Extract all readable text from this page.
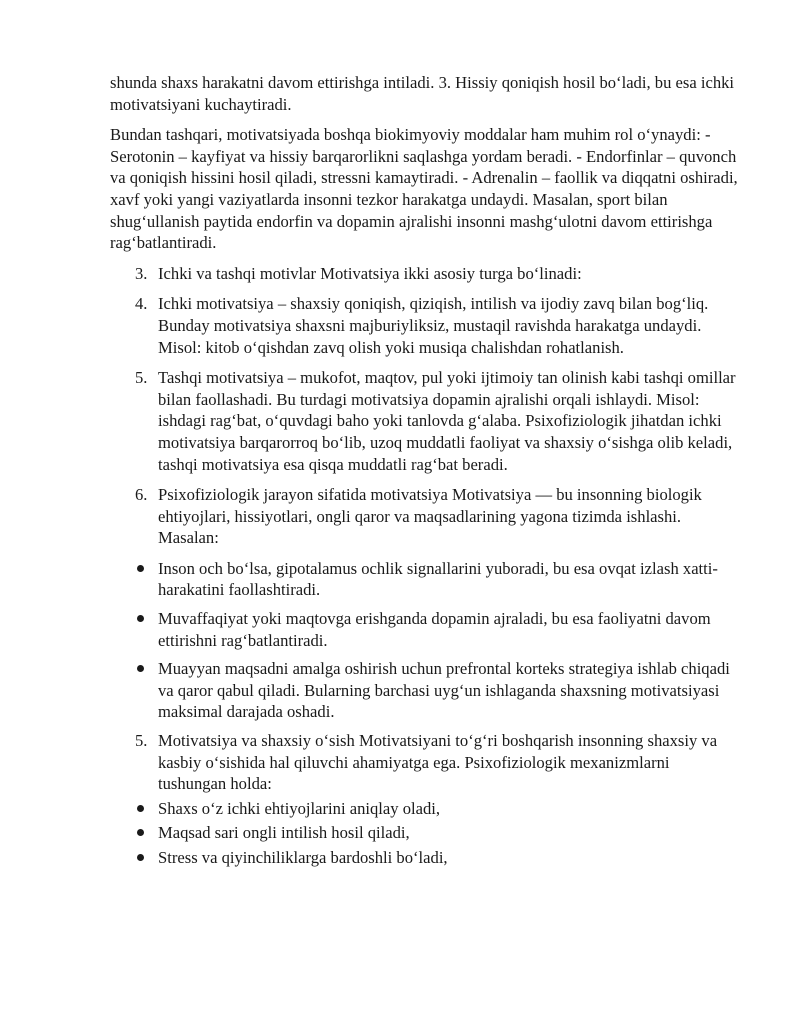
shunda shaxs harakatni davom ettirishga intiladi. 3. Hissiy qoniqish hosil bo‘ladi, bu esa ichki motivatsiyani kuchaytiradi.

Bundan tashqari, motivatsiyada boshqa biokimyoviy moddalar ham muhim rol o‘ynaydi: - Serotonin – kayfiyat va hissiy barqarorlikni saqlashga yordam beradi. - Endorfinlar – quvonch va qoniqish hissini hosil qiladi, stressni kamaytiradi. - Adrenalin – faollik va diqqatni oshiradi, xavf yoki yangi vaziyatlarda insonni tezkor harakatga undaydi. Masalan, sport bilan shug‘ullanish paytida endorfin va dopamin ajralishi insonni mashg‘ulotni davom ettirishga rag‘batlantiradi.

3. Ichki va tashqi motivlar Motivatsiya ikki asosiy turga bo‘linadi:
4. Ichki motivatsiya – shaxsiy qoniqish, qiziqish, intilish va ijodiy zavq bilan bog‘liq. Bunday motivatsiya shaxsni majburiyliksiz, mustaqil ravishda harakatga undaydi. Misol: kitob o‘qishdan zavq olish yoki musiqa chalishdan rohatlanish.
5. Tashqi motivatsiya – mukofot, maqtov, pul yoki ijtimoiy tan olinish kabi tashqi omillar bilan faollashadi. Bu turdagi motivatsiya dopamin ajralishi orqali ishlaydi. Misol: ishdagi rag‘bat, o‘quvdagi baho yoki tanlovda g‘alaba. Psixofiziologik jihatdan ichki motivatsiya barqarorroq bo‘lib, uzoq muddatli faoliyat va shaxsiy o‘sishga olib keladi, tashqi motivatsiya esa qisqa muddatli rag‘bat beradi.
6. Psixofiziologik jarayon sifatida motivatsiya Motivatsiya — bu insonning biologik ehtiyojlari, hissiyotlari, ongli qaror va maqsadlarining yagona tizimda ishlashi. Masalan:
Inson och bo‘lsa, gipotalamus ochlik signallarini yuboradi, bu esa ovqat izlash xatti-harakatini faollashtiradi.
Muvaffaqiyat yoki maqtovga erishganda dopamin ajraladi, bu esa faoliyatni davom ettirishni rag‘batlantiradi.
Muayyan maqsadni amalga oshirish uchun prefrontal korteks strategiya ishlab chiqadi va qaror qabul qiladi. Bularning barchasi uyg‘un ishlaganda shaxsning motivatsiyasi maksimal darajada oshadi.
5. Motivatsiya va shaxsiy o‘sish Motivatsiyani to‘g‘ri boshqarish insonning shaxsiy va kasbiy o‘sishida hal qiluvchi ahamiyatga ega. Psixofiziologik mexanizmlarni tushungan holda:
Shaxs o‘z ichki ehtiyojlarini aniqlay oladi,
Maqsad sari ongli intilish hosil qiladi,
Stress va qiyinchiliklarga bardoshli bo‘ladi,
